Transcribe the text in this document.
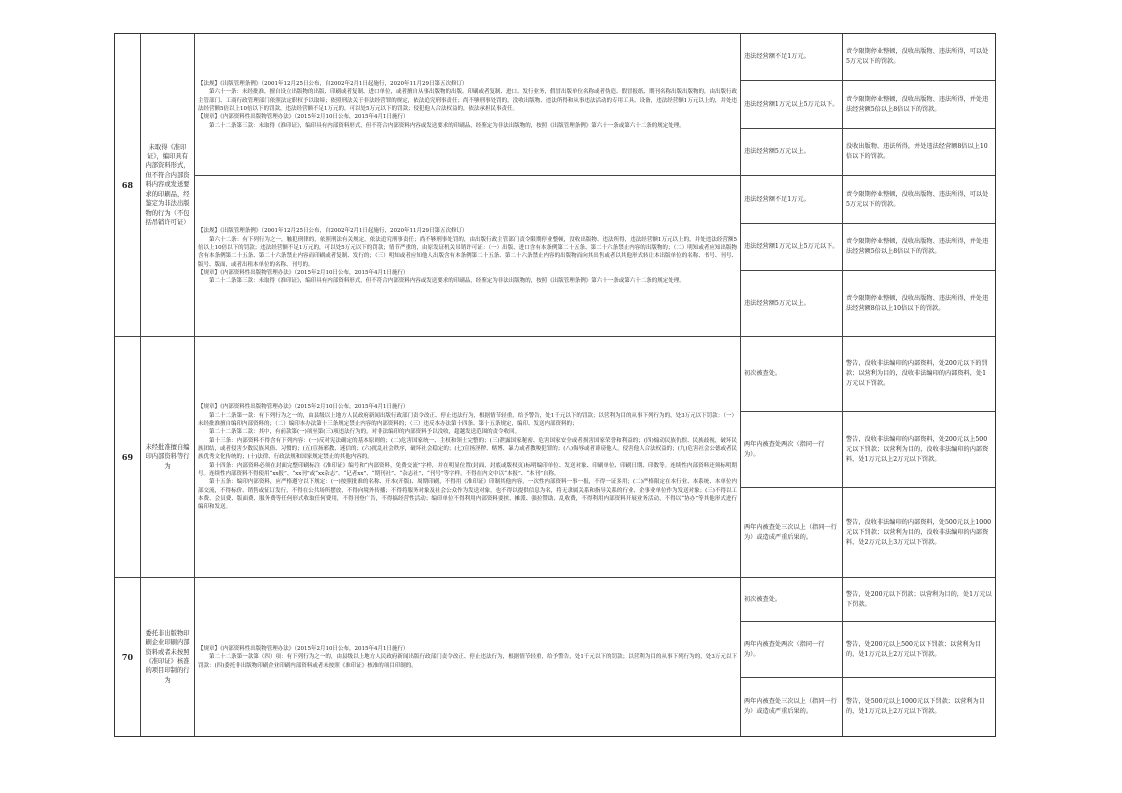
68
未取得《准印证》，编印具有内部资料形式，但不符合内部资料内容或发送要求的印刷品，经鉴定为非法出版物的行为（不包括吊销许可证）

【法规】《出版管理条例》（2001年12月25日公布，自2002年2月1日起施行，2020年11月29日第五次修订）

第六十一条：未经批准，擅自设立出版物的出版、印刷或者复制、进口单位，或者擅自从事出版物的出版、印刷或者复制、进口、发行业务，假冒出版单位名称或者伪造、假冒报纸、期刊名称出版出版物的，由出版行政主管部门、工商行政管理部门依照法定职权予以取缔；依照刑法关于非法经营罪的规定，依法追究刑事责任；尚不够刑事处罚的，没收出版物、违法所得和从事违法活动的专用工具、设备，违法经营额1万元以上的，并处违法经营额5倍以上10倍以下的罚款，违法经营额不足1万元的，可以处5万元以下的罚款；侵犯他人合法权益的，依法承担民事责任。

【规章】《内部资料性出版物管理办法》（2015年2月10日公布，2015年4月1日施行）

第二十二条第三款：未取得《准印证》，编印具有内部资料形式，但不符合内部资料内容或发送要求的印刷品，经鉴定为非法出版物的，按照《出版管理条例》第六十一条或第六十二条的规定处理。

【法规】《出版管理条例》（2001年12月25日公布，自2002年2月1日起施行，2020年11月29日第五次修订）

第六十二条：有下列行为之一，触犯刑律的，依照刑法有关规定，依法追究刑事责任；尚不够刑事处罚的，由出版行政主管部门责令限期停业整顿，没收出版物、违法所得，违法经营额1万元以上的，并处违法经营额5倍以上10倍以下的罚款；违法经营额不足1万元的，可以处5万元以下的罚款；情节严重的，由原发证机关吊销许可证：（一）出版、进口含有本条例第二十五条、第二十六条禁止内容的出版物的；（二）明知或者应知出版物含有本条例第二十五条、第二十六条禁止内容而印刷或者复制、发行的；（三）明知或者应知他人出版含有本条例第二十五条、第二十六条禁止内容的出版物而向其出售或者以其他形式转让本出版单位的名称、书号、刊号、版号、版面，或者出租本单位的名称、刊号的。

【规章】《内部资料性出版物管理办法》（2015年2月10日公布，2015年4月1日施行）

第二十二条第三款：未取得《准印证》，编印具有内部资料形式，但不符合内部资料内容或发送要求的印刷品，经鉴定为非法出版物的，按照《出版管理条例》第六十一条或第六十二条的规定处理。

违法经营额不足1万元。
责令限期停业整顿，没收出版物、违法所得，可以处5万元以下的罚款。
违法经营额1万元以上5万元以下。
责令限期停业整顿，没收出版物、违法所得，并处违法经营额5倍以上8倍以下的罚款。
违法经营额5万元以上。
没收出版物、违法所得，并处违法经营额8倍以上10倍以下的罚款。
违法经营额不足1万元。
责令限期停业整顿，没收出版物、违法所得，可以处5万元以下的罚款。
违法经营额1万元以上5万元以下。
责令限期停业整顿，没收出版物、违法所得，并处违法经营额5倍以上8倍以下的罚款。
违法经营额5万元以上。
责令限期停业整顿，没收出版物、违法所得，并处违法经营额8倍以上10倍以下的罚款。
69
未经批准擅自编印内部资料等行为

【规章】《内部资料性出版物管理办法》（2015年2月10日公布，2015年4月1日施行）

第二十二条第一款：有下列行为之一的，由县级以上地方人民政府新闻出版行政部门责令改正、停止违法行为，根据情节轻重，给予警告，处1千元以下的罚款；以营利为目的从事下列行为的，处3万元以下罚款：（一）未经批准擅自编印内部资料的；（二）编印本办法第十三条规定禁止内容的内部资料的；（三）违反本办法第十四条、第十五条规定，编印、发送内部资料的；

第二十二条第二款：其中，有前款第(一)项至第(三)项违法行为的，对非法编印的内部资料予以没收，超越发送范围的责令收回。

第十三条：内部资料不得含有下列内容：(一)反对宪法确定的基本原则的；(二)危害国家统一、主权和领土完整的；(三)泄露国家秘密、危害国家安全或者损害国家荣誉和利益的；(四)煽动民族仇恨、民族歧视，破坏民族团结，或者侵害少数民族风俗、习惯的；(五)宣扬邪教、迷信的；(六)扰乱社会秩序，破坏社会稳定的；(七)宣扬淫秽、赌博、暴力或者教唆犯罪的；(八)侮辱或者诽谤他人，侵害他人合法权益的；(九)危害社会公德或者民族优秀文化传统的；(十)法律、行政法规和国家规定禁止的其他内容的。

第十四条：内部资料必须在封面完整印刷标注《准印证》编号和“内部资料，免费交流”字样，并在明显位置(封面、封底或版权页)标明编印单位、发送对象、印刷单位、印刷日期、印数等。连续性内部资料还须标明期号。连续性内部资料不得使用“xx报”、“xx刊”或“xx杂志”、“记者xx”、“期刊社”、“杂志社”、“刊号”等字样，不得在内文中以“本报”、“本刊”自称。

第十五条：编印内部资料，应严格遵守以下规定：(一)按照批准的名称、开本(开版)、周期印刷，不得用《准印证》印制其他内容，一次性内部资料一事一报，不得一证多用；(二)严格限定在本行业、本系统、本单位内部交流，不得标价、销售或征订发行，不得在公共场所摆放，不得向境外传播；不得将服务对象及社会公众作为发送对象，也不得以提供信息为名，将无隶属关系和指导关系的行业、企事业单位作为发送对象；(三)不得以工本费、会员费、版面费、服务费等任何形式收取任何费用，不得刊登广告，不得搞经营性活动；编印单位不得利用内部资料要挟、摊派、强拉赞助、乱收费，不得利用内部资料开展业务活动，不得以“协办”等其他形式进行编印和发送。

初次被查处。
警告，没收非法编印的内部资料，处200元以下的罚款；以营利为目的，没收非法编印的内部资料，处1万元以下罚款。
两年内被查处两次（指同一行为）。
警告，没收非法编印的内部资料，处200元以上500元以下罚款；以营利为目的，没收非法编印的内部资料，处1万元以上2万元以下罚款。
两年内被查处三次以上（指同一行为）或造成严重后果的。
警告，没收非法编印的内部资料，处500元以上1000元以下罚款；以营利为目的，没收非法编印的内部资料，处2万元以上3万元以下罚款。
70
委托非出版物印刷企业印刷内部资料或者未按照《准印证》核准的项目印制的行为

【规章】《内部资料性出版物管理办法》（2015年2月10日公布，2015年4月1日施行）

第二十二条第一款第（四）项：有下列行为之一的，由县级以上地方人民政府新闻出版行政部门责令改正、停止违法行为，根据情节轻重，给予警告，处1千元以下的罚款；以营利为目的从事下列行为的，处3万元以下罚款：(四)委托非出版物印刷企业印刷内部资料或者未按照《准印证》核准的项目印制的。

初次被查处。
警告，处200元以下罚款；以营利为目的，处1万元以下罚款。
两年内被查处两次（指同一行为）。
警告，处200元以上500元以下罚款；以营利为目的，处1万元以上2万元以下罚款。
两年内被查处三次以上（指同一行为）或造成严重后果的。
警告，处500元以上1000元以下罚款；以营利为目的，处1万元以上2万元以下罚款。
